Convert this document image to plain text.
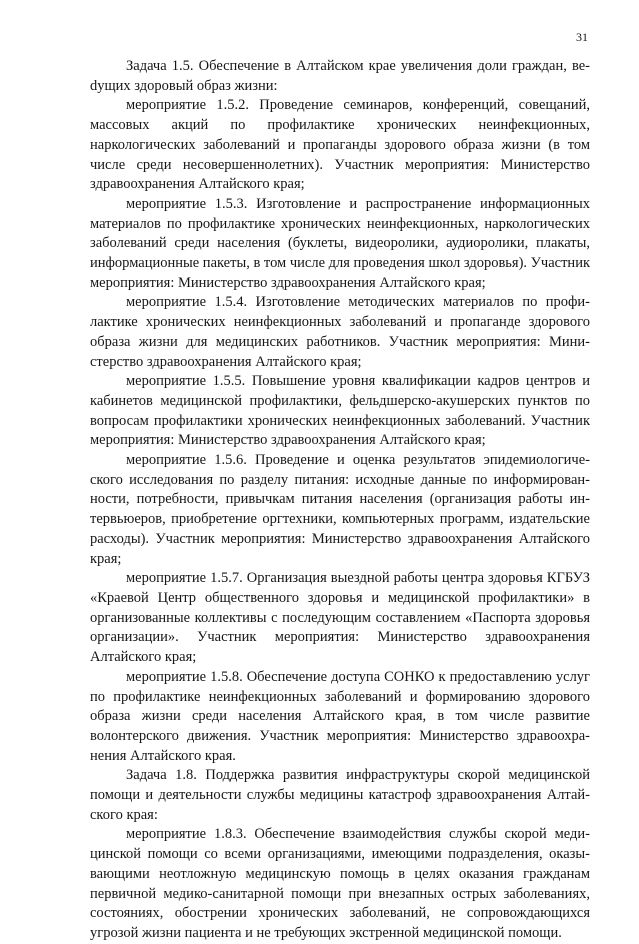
31

Задача 1.5. Обеспечение в Алтайском крае увеличения доли граждан, веdущих здоровый образ жизни:

мероприятие 1.5.2. Проведение семинаров, конференций, совещаний, массовых акций по профилактике хронических неинфекционных, наркологических заболеваний и пропаганды здорового образа жизни (в том числе среди несовершеннолетних). Участник мероприятия: Министерство здравоохранения Алтайского края;

мероприятие 1.5.3. Изготовление и распространение информационных материалов по профилактике хронических неинфекционных, наркологических заболеваний среди населения (буклеты, видеоролики, аудиоролики, плакаты, информационные пакеты, в том числе для проведения школ здоровья). Участник мероприятия: Министерство здравоохранения Алтайского края;

мероприятие 1.5.4. Изготовление методических материалов по профилактике хронических неинфекционных заболеваний и пропаганде здорового образа жизни для медицинских работников. Участник мероприятия: Министерство здравоохранения Алтайского края;

мероприятие 1.5.5. Повышение уровня квалификации кадров центров и кабинетов медицинской профилактики, фельдшерско-акушерских пунктов по вопросам профилактики хронических неинфекционных заболеваний. Участник мероприятия: Министерство здравоохранения Алтайского края;

мероприятие 1.5.6. Проведение и оценка результатов эпидемиологического исследования по разделу питания: исходные данные по информированности, потребности, привычкам питания населения (организация работы интервьюеров, приобретение оргтехники, компьютерных программ, издательские расходы). Участник мероприятия: Министерство здравоохранения Алтайского края;

мероприятие 1.5.7. Организация выездной работы центра здоровья КГБУЗ «Краевой Центр общественного здоровья и медицинской профилактики» в организованные коллективы с последующим составлением «Паспорта здоровья организации». Участник мероприятия: Министерство здравоохранения Алтайского края;

мероприятие 1.5.8. Обеспечение доступа СОНКО к предоставлению услуг по профилактике неинфекционных заболеваний и формированию здорового образа жизни среди населения Алтайского края, в том числе развитие волонтерского движения. Участник мероприятия: Министерство здравоохранения Алтайского края.

Задача 1.8. Поддержка развития инфраструктуры скорой медицинской помощи и деятельности службы медицины катастроф здравоохранения Алтайского края:

мероприятие 1.8.3. Обеспечение взаимодействия службы скорой медицинской помощи со всеми организациями, имеющими подразделения, оказывающими неотложную медицинскую помощь в целях оказания гражданам первичной медико-санитарной помощи при внезапных острых заболеваниях, состояниях, обострении хронических заболеваний, не сопровождающихся угрозой жизни пациента и не требующих экстренной медицинской помощи.
